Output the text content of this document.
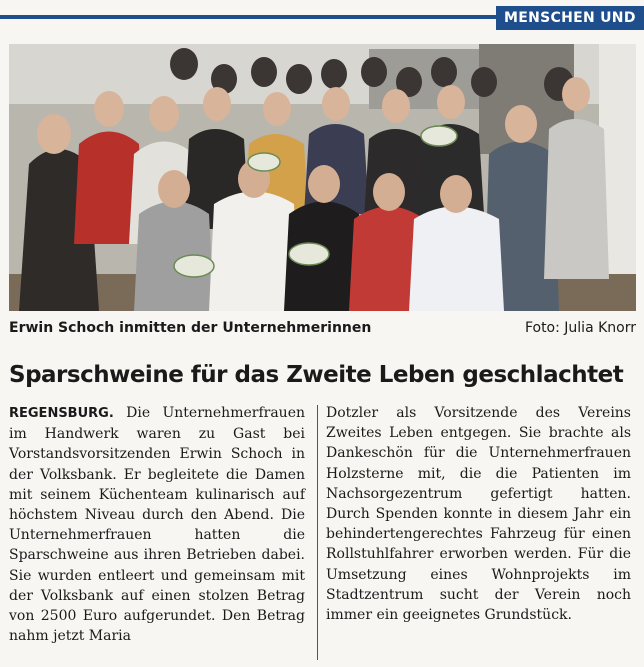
MENSCHEN UND
Erwin Schoch inmitten der Unternehmerinnen	Foto: Julia Knorr
Sparschweine für das Zweite Leben geschlachtet
REGENSBURG. Die Unternehmerfrauen im Handwerk waren zu Gast bei Vorstandsvorsitzenden Erwin Schoch in der Volksbank. Er begleitete die Damen mit seinem Küchenteam kulinarisch auf höchstem Niveau durch den Abend. Die Unternehmerfrauen hatten die Sparschweine aus ihren Betrieben dabei. Sie wurden entleert und gemeinsam mit der Volksbank auf einen stolzen Betrag von 2500 Euro aufgerundet. Den Betrag nahm jetzt Maria
Dotzler als Vorsitzende des Vereins Zweites Leben entgegen. Sie brachte als Dankeschön für die Unternehmerfrauen Holzsterne mit, die die Patienten im Nachsorgezentrum gefertigt hatten. Durch Spenden konnte in diesem Jahr ein behindertengerechtes Fahrzeug für einen Rollstuhlfahrer erworben werden. Für die Umsetzung eines Wohnprojekts im Stadtzentrum sucht der Verein noch immer ein geeignetes Grundstück.
